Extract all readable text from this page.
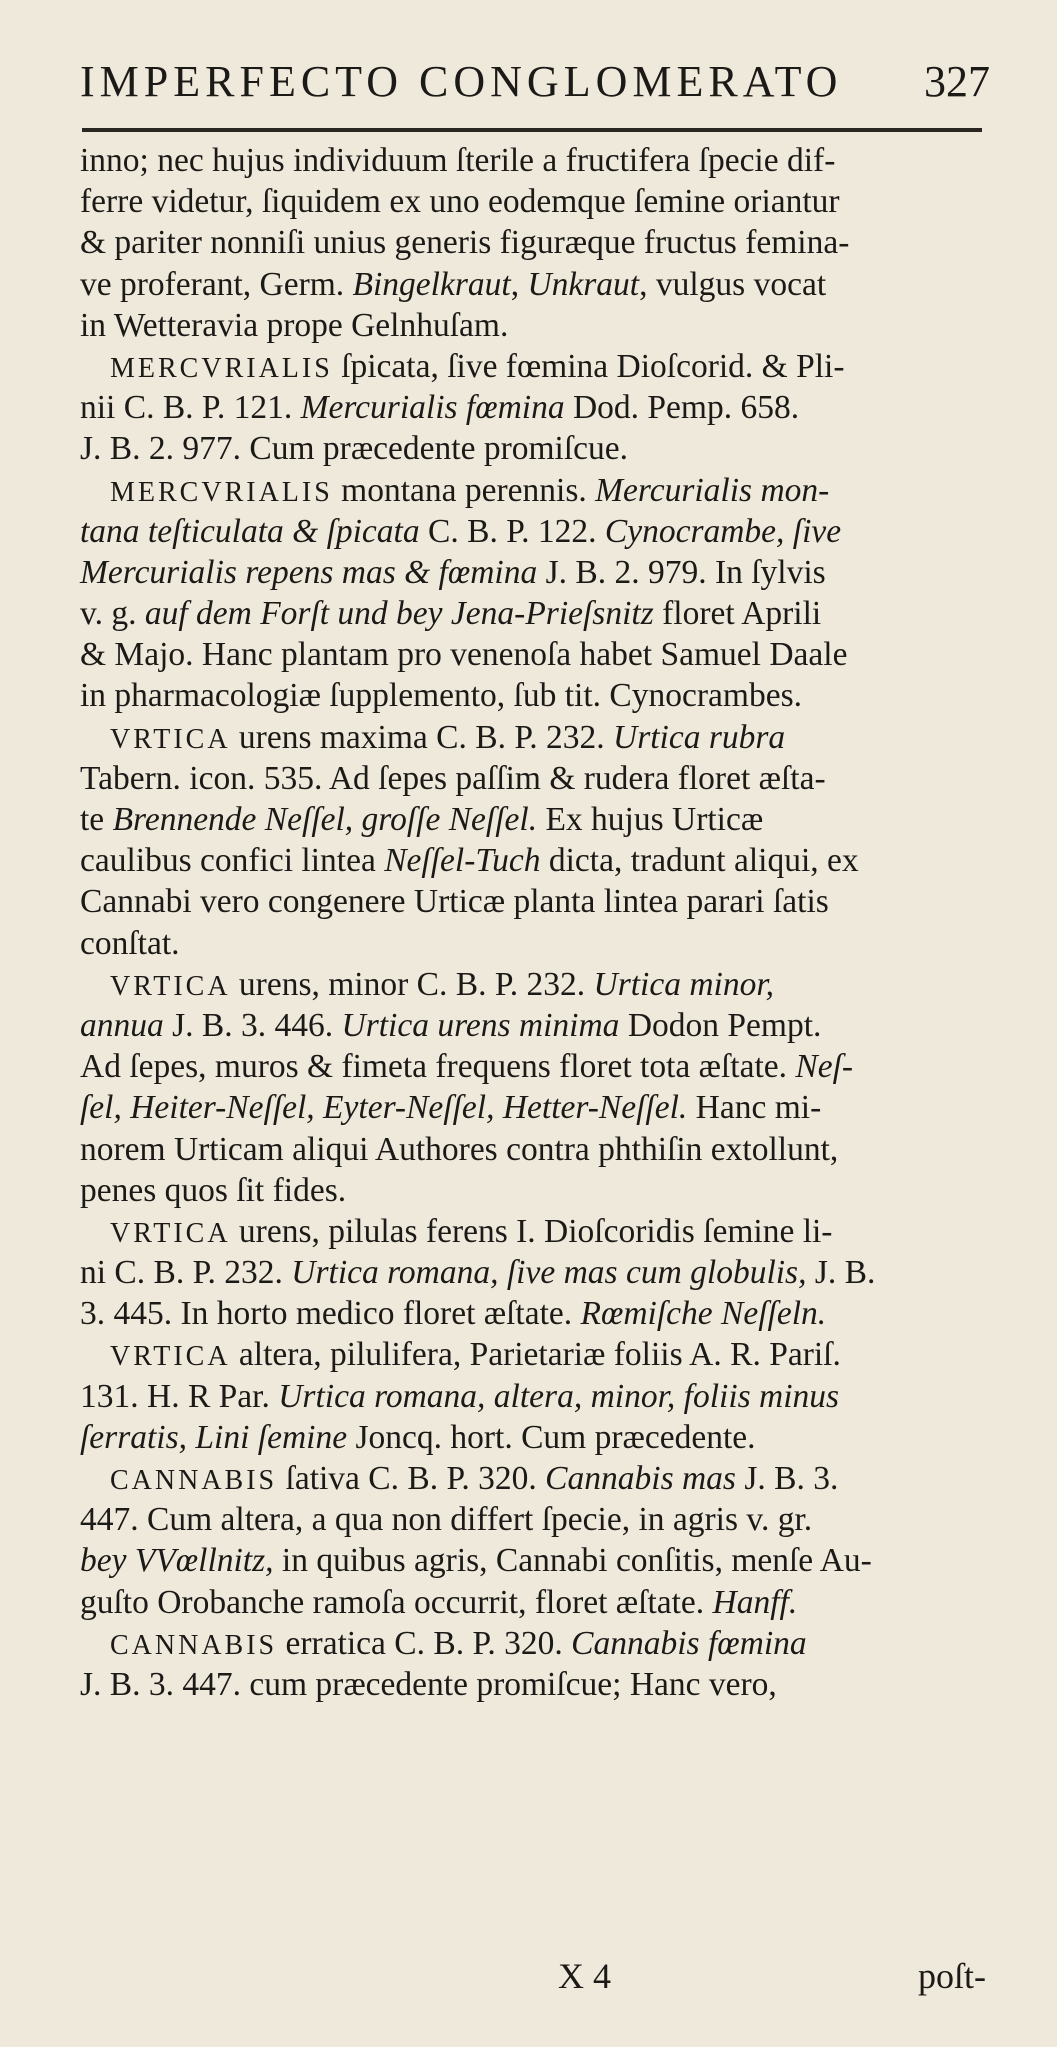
IMPERFECTO CONGLOMERATO 327
inno; nec hujus individuum ſterile a fructifera ſpecie dif-
ferre videtur, ſiquidem ex uno eodemque ſemine oriantur
& pariter nonniſi unius generis figuræque fructus femina-
ve proferant, Germ. Bingelkraut, Unkraut, vulgus vocat
in Wetteravia prope Gelnhuſam.
MERCVRIALIS ſpicata, ſive fœmina Dioſcorid. & Pli-
nii C. B. P. 121. Mercurialis fœmina Dod. Pemp. 658.
J. B. 2. 977. Cum præcedente promiſcue.
MERCVRIALIS montana perennis. Mercurialis mon-
tana teſticulata & ſpicata C. B. P. 122. Cynocrambe, ſive
Mercurialis repens mas & fœmina J. B. 2. 979. In ſylvis
v. g. auf dem Forſt und bey Jena-Prieſsnitz floret Aprili
& Majo. Hanc plantam pro venenoſa habet Samuel Daale
in pharmacologiæ ſupplemento, ſub tit. Cynocrambes.
VRTICA urens maxima C. B. P. 232. Urtica rubra
Tabern. icon. 535. Ad ſepes paſſim & rudera floret æſta-
te Brennende Neſſel, groſſe Neſſel. Ex hujus Urticæ
caulibus confici lintea Neſſel-Tuch dicta, tradunt aliqui, ex
Cannabi vero congenere Urticæ planta lintea parari ſatis
conſtat.
VRTICA urens, minor C. B. P. 232. Urtica minor,
annua J. B. 3. 446. Urtica urens minima Dodon Pempt.
Ad ſepes, muros & fimeta frequens floret tota æſtate. Neſ-
ſel, Heiter-Neſſel, Eyter-Neſſel, Hetter-Neſſel. Hanc mi-
norem Urticam aliqui Authores contra phthiſin extollunt,
penes quos ſit fides.
VRTICA urens, pilulas ferens I. Dioſcoridis ſemine li-
ni C. B. P. 232. Urtica romana, ſive mas cum globulis, J. B.
3. 445. In horto medico floret æſtate. Rœmiſche Neſſeln.
VRTICA altera, pilulifera, Parietariæ foliis A. R. Pariſ.
131. H. R Par. Urtica romana, altera, minor, foliis minus
ſerratis, Lini ſemine Joncq. hort. Cum præcedente.
CANNABIS ſativa C. B. P. 320. Cannabis mas J. B. 3.
447. Cum altera, a qua non differt ſpecie, in agris v. gr.
bey VVœllnitz, in quibus agris, Cannabi conſitis, menſe Au-
guſto Orobanche ramoſa occurrit, floret æſtate. Hanff.
CANNABIS erratica C. B. P. 320. Cannabis fœmina
J. B. 3. 447. cum præcedente promiſcue; Hanc vero,
X 4	poſt-
